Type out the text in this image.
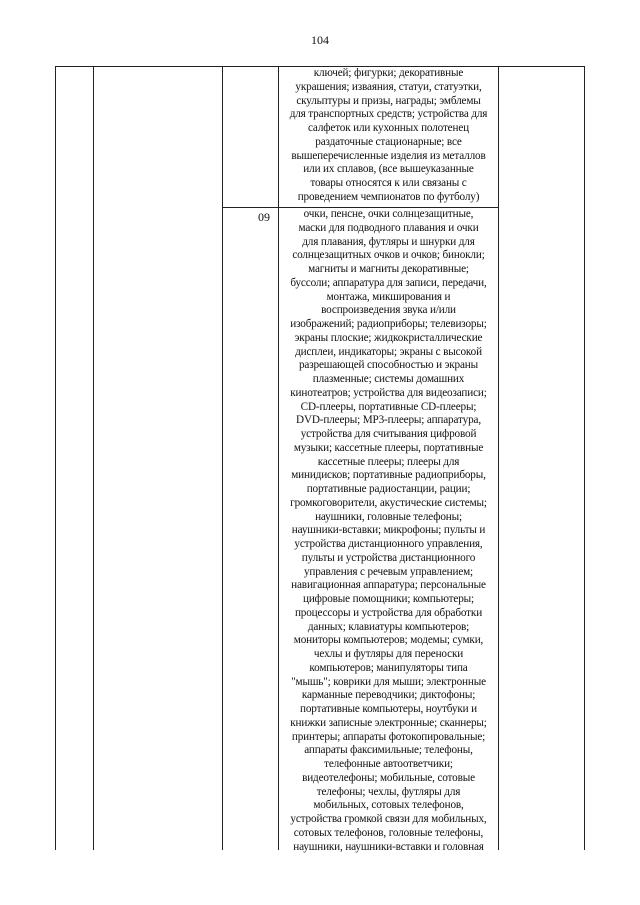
104
09
ключей; фигурки; декоративные
украшения; изваяния, статуи, статуэтки,
скульптуры и призы, награды; эмблемы
для транспортных средств; устройства для
салфеток или кухонных полотенец
раздаточные стационарные; все
вышеперечисленные изделия из металлов
или их сплавов, (все вышеуказанные
товары относятся к или связаны с
проведением чемпионатов по футболу)
очки, пенсне, очки солнцезащитные,
маски для подводного плавания и очки
для плавания, футляры и шнурки для
солнцезащитных очков и очков; бинокли;
магниты и магниты декоративные;
буссоли; аппаратура для записи, передачи,
монтажа, микширования и
воспроизведения звука и/или
изображений; радиоприборы; телевизоры;
экраны плоские; жидкокристаллические
дисплеи, индикаторы; экраны с высокой
разрешающей способностью и экраны
плазменные; системы домашних
кинотеатров; устройства для видеозаписи;
CD-плееры, портативные CD-плееры;
DVD-плееры; MP3-плееры; аппаратура,
устройства для считывания цифровой
музыки; кассетные плееры, портативные
кассетные плееры; плееры для
минидисков; портативные радиоприборы,
портативные радиостанции, рации;
громкоговорители, акустические системы;
наушники, головные телефоны;
наушники-вставки; микрофоны; пульты и
устройства дистанционного управления,
пульты и устройства дистанционного
управления с речевым управлением;
навигационная аппаратура; персональные
цифровые помощники; компьютеры;
процессоры и устройства для обработки
данных; клавиатуры компьютеров;
мониторы компьютеров; модемы; сумки,
чехлы и футляры для переноски
компьютеров; манипуляторы типа
"мышь"; коврики для мыши; электронные
карманные переводчики; диктофоны;
портативные компьютеры, ноутбуки и
книжки записные электронные; сканнеры;
принтеры; аппараты фотокопировальные;
аппараты факсимильные; телефоны,
телефонные автоответчики;
видеотелефоны; мобильные, сотовые
телефоны; чехлы, футляры для
мобильных, сотовых телефонов,
устройства громкой связи для мобильных,
сотовых телефонов, головные телефоны,
наушники, наушники-вставки и головная
